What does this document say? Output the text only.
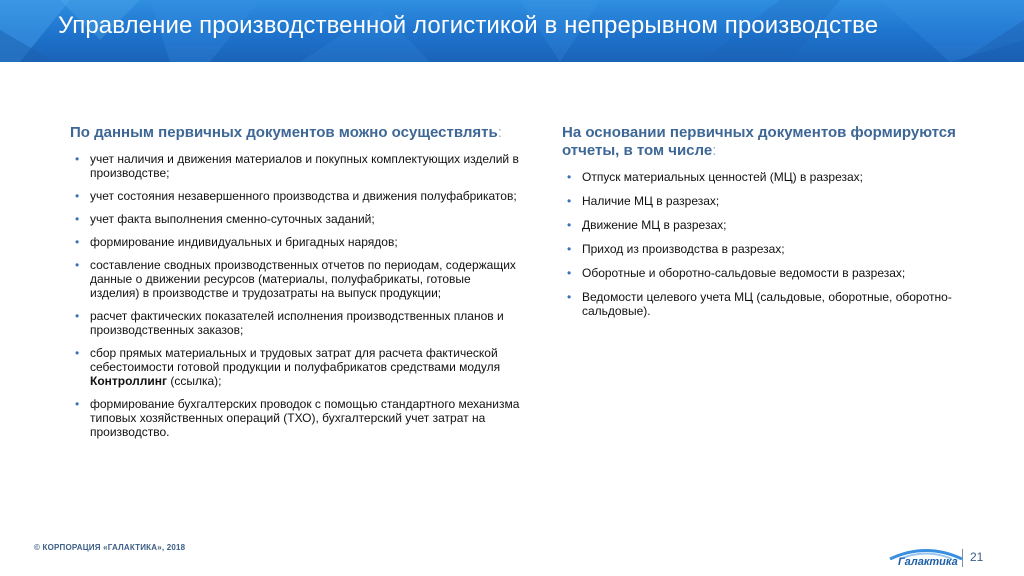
Управление производственной логистикой в непрерывном производстве
По данным первичных документов можно осуществлять:
• учет наличия и движения материалов и покупных комплектующих изделий в производстве;
• учет состояния незавершенного производства и движения полуфабрикатов;
• учет факта выполнения сменно-суточных заданий;
• формирование индивидуальных и бригадных нарядов;
• составление сводных производственных отчетов по периодам, содержащих данные о движении ресурсов (материалы, полуфабрикаты, готовые изделия) в производстве и трудозатраты на выпуск продукции;
• расчет фактических показателей исполнения производственных планов и производственных заказов;
• сбор прямых материальных и трудовых затрат для расчета фактической себестоимости готовой продукции и полуфабрикатов средствами модуля Контроллинг (ссылка);
• формирование бухгалтерских проводок с помощью стандартного механизма типовых хозяйственных операций (ТХО), бухгалтерский учет затрат на производство.
На основании первичных документов формируются отчеты, в том числе:
• Отпуск материальных ценностей (МЦ) в разрезах;
• Наличие МЦ в разрезах;
• Движение МЦ в разрезах;
• Приход из производства в разрезах;
• Оборотные и оборотно-сальдовые ведомости в разрезах;
• Ведомости целевого учета МЦ (сальдовые, оборотные, оборотно-сальдовые).
© КОРПОРАЦИЯ «ГАЛАКТИКА», 2018
Галактика 21
